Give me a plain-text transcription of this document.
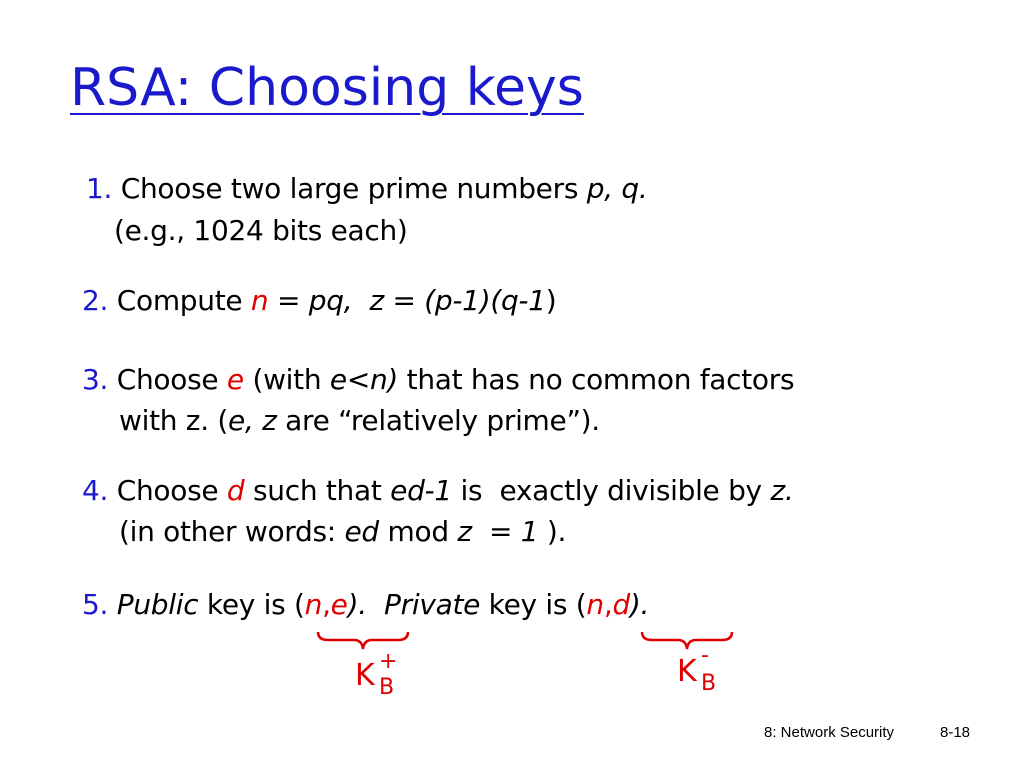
RSA: Choosing keys
1. Choose two large prime numbers p, q.
(e.g., 1024 bits each)
2. Compute n = pq, z = (p-1)(q-1)
3. Choose e (with e<n) that has no common factors
with z. (e, z are “relatively prime”).
4. Choose d such that ed-1 is  exactly divisible by z.
(in other words: ed mod z  = 1 ).
5. Public key is (n,e).  Private key is (n,d).
K +
B	K -
B
8: Network Security	8-18
